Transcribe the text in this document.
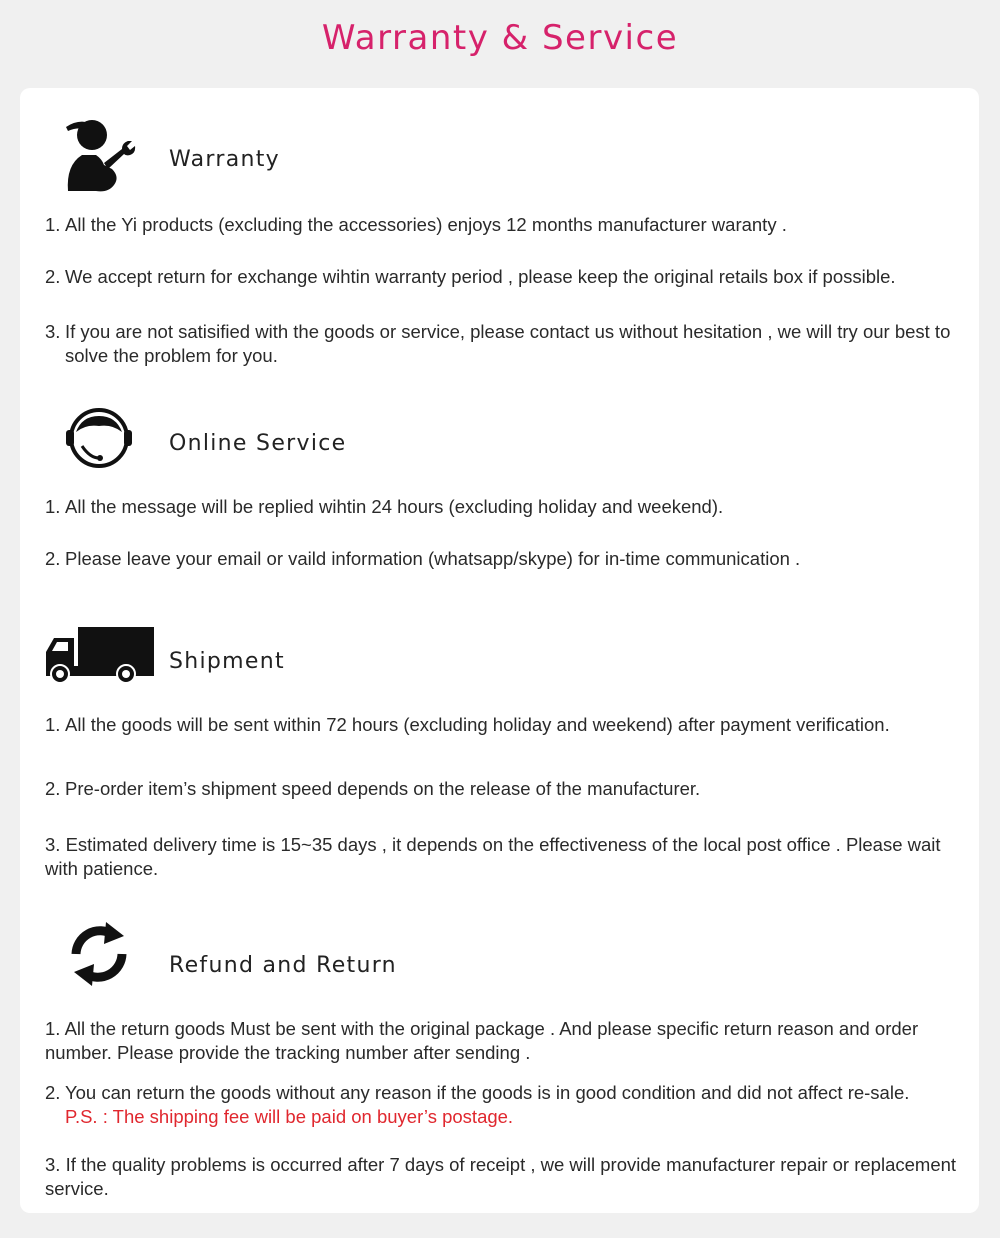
Warranty & Service
Warranty
1. All the Yi products (excluding the accessories) enjoys 12 months manufacturer waranty .
2. We accept return for exchange wihtin warranty period , please keep the original retails box if possible.
3. If you are not satisified with the goods or service, please contact us without hesitation , we will try our best to solve the problem for you.
Online Service
1. All the message will be replied wihtin 24 hours (excluding holiday and weekend).
2. Please leave your email or vaild information (whatsapp/skype) for in-time communication .
Shipment
1. All the goods will be sent within 72 hours (excluding holiday and weekend) after payment verification.
2. Pre-order item’s shipment speed depends on the release of the manufacturer.
3. Estimated delivery time is 15~35 days , it depends on the effectiveness of the local post office . Please wait with patience.
Refund and Return
1. All the return goods Must be sent with the original package . And please specific return reason and order number. Please provide the tracking number after sending .
2. You can return the goods without any reason if the goods is in good condition and did not affect re-sale.
P.S. : The shipping fee will be paid on buyer’s postage.
3. If the quality problems is occurred after 7 days of receipt , we will provide manufacturer repair or replacement service.
